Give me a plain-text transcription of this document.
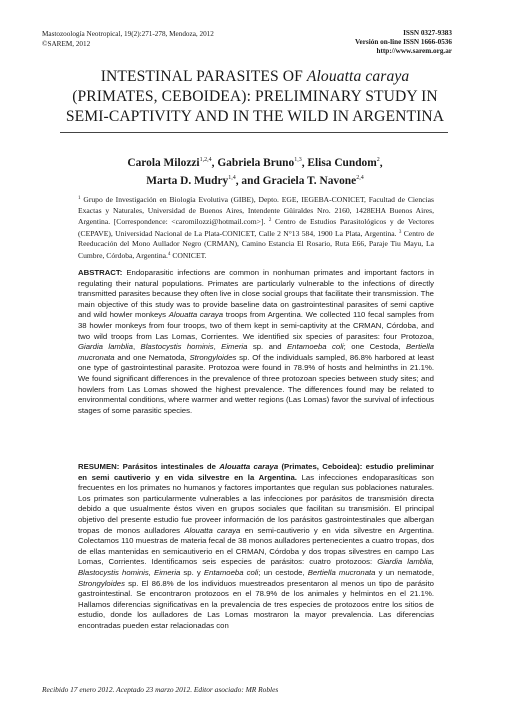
Mastozoología Neotropical, 19(2):271-278, Mendoza, 2012
©SAREM, 2012
ISSN 0327-9383
Versión on-line ISSN 1666-0536
http://www.sarem.org.ar
INTESTINAL PARASITES OF Alouatta caraya
(PRIMATES, CEBOIDEA): PRELIMINARY STUDY IN
SEMI-CAPTIVITY AND IN THE WILD IN ARGENTINA
Carola Milozzi$^{1,2,4}$, Gabriela Bruno$^{1,3}$, Elisa Cundom$^2$,
Marta D. Mudry$^{1,4}$, and Graciela T. Navone$^{2,4}$
$^1$ Grupo de Investigación en Biología Evolutiva (GIBE), Depto. EGE, IEGEBA-CONICET, Facultad de Ciencias Exactas y Naturales, Universidad de Buenos Aires, Intendente Güiraldes Nro. 2160, 1428EHA Buenos Aires, Argentina. [Correspondence: <caromilozzi@hotmail.com>]. $^2$ Centro de Estudios Parasitológicos y de Vectores (CEPAVE), Universidad Nacional de La Plata-CONICET, Calle 2 N°13 584, 1900 La Plata, Argentina. $^3$ Centro de Reeducación del Mono Aullador Negro (CRMAN), Camino Estancia El Rosario, Ruta E66, Paraje Tiu Mayu, La Cumbre, Córdoba, Argentina.$^4$ CONICET.
ABSTRACT: Endoparasitic infections are common in nonhuman primates and important factors in regulating their natural populations. Primates are particularly vulnerable to the infections of directly transmitted parasites because they often live in close social groups that facilitate their transmission. The main objective of this study was to provide baseline data on gastrointestinal parasites of semi captive and wild howler monkeys Alouatta caraya troops from Argentina. We collected 110 fecal samples from 38 howler monkeys from four troops, two of them kept in semi-captivity at the CRMAN, Córdoba, and two wild troops from Las Lomas, Corrientes. We identified six species of parasites: four Protozoa, Giardia lamblia, Blastocystis hominis, Eimeria sp. and Entamoeba coli; one Cestoda, Bertiella mucronata and one Nematoda, Strongyloides sp. Of the individuals sampled, 86.8% harbored at least one type of gastrointestinal parasite. Protozoa were found in 78.9% of hosts and helminths in 21.1%. We found significant differences in the prevalence of three protozoan species between study sites; and howlers from Las Lomas showed the highest prevalence. The differences found may be related to environmental conditions, where warmer and wetter regions (Las Lomas) favor the survival of infectious stages of some parasitic species.
RESUMEN: Parásitos intestinales de Alouatta caraya (Primates, Ceboidea): estudio preliminar en semi cautiverio y en vida silvestre en la Argentina. Las infecciones endoparasíticas son frecuentes en los primates no humanos y factores importantes que regulan sus poblaciones naturales. Los primates son particularmente vulnerables a las infecciones por parásitos de transmisión directa debido a que usualmente éstos viven en grupos sociales que facilitan su transmisión. El principal objetivo del presente estudio fue proveer información de los parásitos gastrointestinales que albergan tropas de monos aulladores Alouatta caraya en semi-cautiverio y en vida silvestre en Argentina. Colectamos 110 muestras de materia fecal de 38 monos aulladores pertenecientes a cuatro tropas, dos de ellas mantenidas en semicautiverio en el CRMAN, Córdoba y dos tropas silvestres en campo Las Lomas, Corrientes. Identificamos seis especies de parásitos: cuatro protozoos: Giardia lamblia, Blastocystis hominis, Eimeria sp. y Entamoeba coli; un cestode, Bertiella mucronata y un nematode, Strongyloides sp. El 86.8% de los individuos muestreados presentaron al menos un tipo de parásito gastrointestinal. Se encontraron protozoos en el 78.9% de los animales y helmintos en el 21.1%. Hallamos diferencias significativas en la prevalencia de tres especies de protozoos entre los sitios de estudio, donde los aulladores de Las Lomas mostraron la mayor prevalencia. Las diferencias encontradas pueden estar relacionadas con
Recibido 17 enero 2012. Aceptado 23 marzo 2012. Editor asociado: MR Robles
